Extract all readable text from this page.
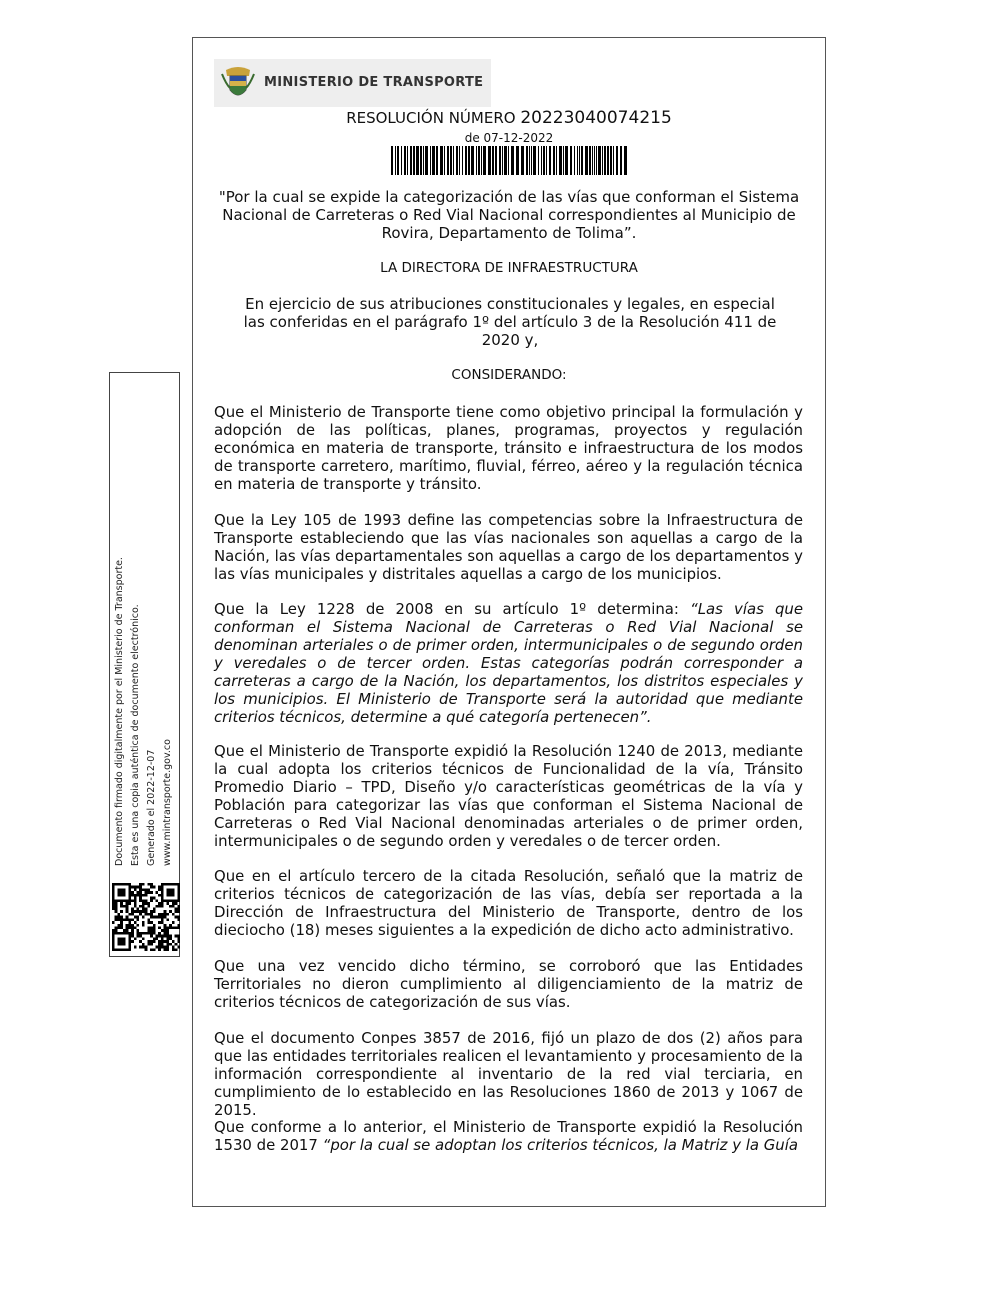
MINISTERIO DE TRANSPORTE
RESOLUCIÓN NÚMERO 20223040074215
de 07-12-2022
"Por la cual se expide la categorización de las vías que conforman el Sistema Nacional de Carreteras o Red Vial Nacional correspondientes al Municipio de Rovira, Departamento de Tolima”.
LA DIRECTORA DE INFRAESTRUCTURA
En ejercicio de sus atribuciones constitucionales y legales, en especial las conferidas en el parágrafo 1º del artículo 3 de la Resolución 411 de 2020 y,
CONSIDERANDO:
Que el Ministerio de Transporte tiene como objetivo principal la formulación y adopción de las políticas, planes, programas, proyectos y regulación económica en materia de transporte, tránsito e infraestructura de los modos de transporte carretero, marítimo, fluvial, férreo, aéreo y la regulación técnica en materia de transporte y tránsito.
Que la Ley 105 de 1993 define las competencias sobre la Infraestructura de Transporte estableciendo que las vías nacionales son aquellas a cargo de la Nación, las vías departamentales son aquellas a cargo de los departamentos y las vías municipales y distritales aquellas a cargo de los municipios.
Que la Ley 1228 de 2008 en su artículo 1º determina: “Las vías que conforman el Sistema Nacional de Carreteras o Red Vial Nacional se denominan arteriales o de primer orden, intermunicipales o de segundo orden y veredales o de tercer orden. Estas categorías podrán corresponder a carreteras a cargo de la Nación, los departamentos, los distritos especiales y los municipios. El Ministerio de Transporte será la autoridad que mediante criterios técnicos, determine a qué categoría pertenecen”.
Que el Ministerio de Transporte expidió la Resolución 1240 de 2013, mediante la cual adopta los criterios técnicos de Funcionalidad de la vía, Tránsito Promedio Diario – TPD, Diseño y/o características geométricas de la vía y Población para categorizar las vías que conforman el Sistema Nacional de Carreteras o Red Vial Nacional denominadas arteriales o de primer orden, intermunicipales o de segundo orden y veredales o de tercer orden.
Que en el artículo tercero de la citada Resolución, señaló que la matriz de criterios técnicos de categorización de las vías, debía ser reportada a la Dirección de Infraestructura del Ministerio de Transporte, dentro de los dieciocho (18) meses siguientes a la expedición de dicho acto administrativo.
Que una vez vencido dicho término, se corroboró que las Entidades Territoriales no dieron cumplimiento al diligenciamiento de la matriz de criterios técnicos de categorización de sus vías.
Que el documento Conpes 3857 de 2016, fijó un plazo de dos (2) años para que las entidades territoriales realicen el levantamiento y procesamiento de la información correspondiente al inventario de la red vial terciaria, en cumplimiento de lo establecido en las Resoluciones 1860 de 2013 y 1067 de 2015.
Que conforme a lo anterior, el Ministerio de Transporte expidió la Resolución 1530 de 2017 “por la cual se adoptan los criterios técnicos, la Matriz y la Guía
Documento firmado digitalmente por el Ministerio de Transporte. Esta es una copia auténtica de documento electrónico. Generado el 2022-12-07 www.mintransporte.gov.co
